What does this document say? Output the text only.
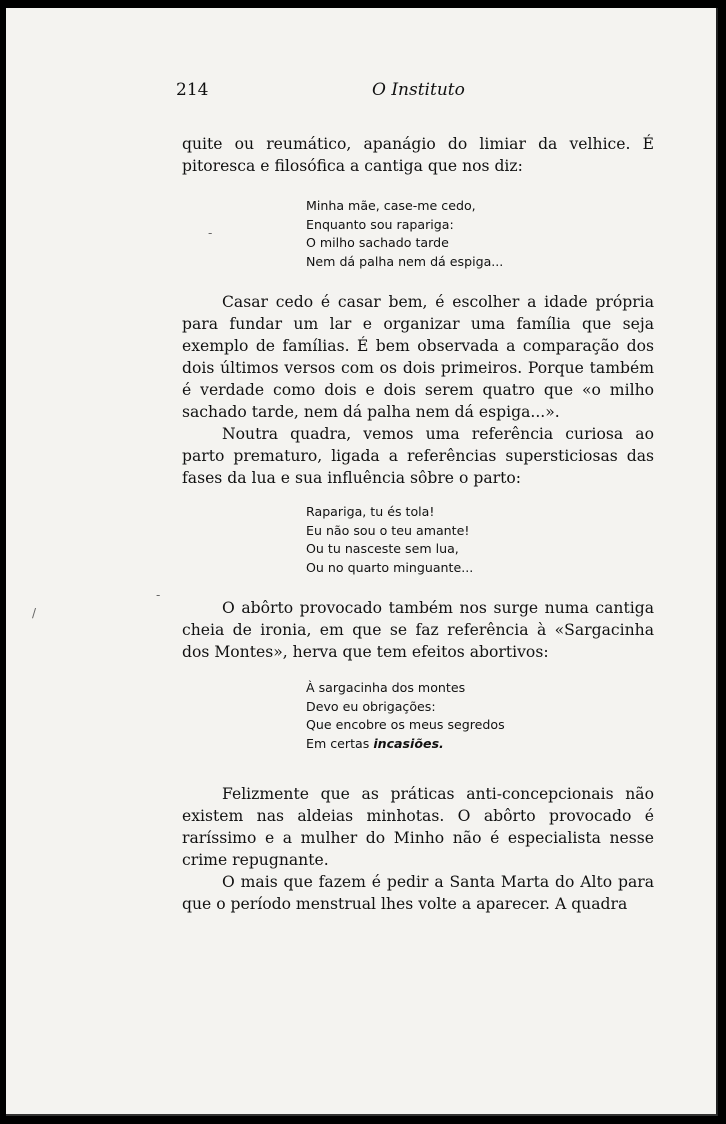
214	O Instituto

quite ou reumático, apanágio do limiar da velhice. É pitoresca e filosófica a cantiga que nos diz:

Minha mãe, case-me cedo,
Enquanto sou rapariga:
O milho sachado tarde
Nem dá palha nem dá espiga...

Casar cedo é casar bem, é escolher a idade própria para fundar um lar e organizar uma família que seja exemplo de famílias. É bem observada a comparação dos dois últimos versos com os dois primeiros. Porque também é verdade como dois e dois serem quatro que «o milho sachado tarde, nem dá palha nem dá espiga...».

Noutra quadra, vemos uma referência curiosa ao parto prematuro, ligada a referências supersticiosas das fases da lua e sua influência sôbre o parto:

Rapariga, tu és tola!
Eu não sou o teu amante!
Ou tu nasceste sem lua,
Ou no quarto minguante...

O abôrto provocado também nos surge numa cantiga cheia de ironia, em que se faz referência à «Sargacinha dos Montes», herva que tem efeitos abortivos:

À sargacinha dos montes
Devo eu obrigações:
Que encobre os meus segredos
Em certas incasiões.

Felizmente que as práticas anti-concepcionais não existem nas aldeias minhotas. O abôrto provocado é raríssimo e a mulher do Minho não é especialista nesse crime repugnante.

O mais que fazem é pedir a Santa Marta do Alto para que o período menstrual lhes volte a aparecer. A quadra

/
-
-
